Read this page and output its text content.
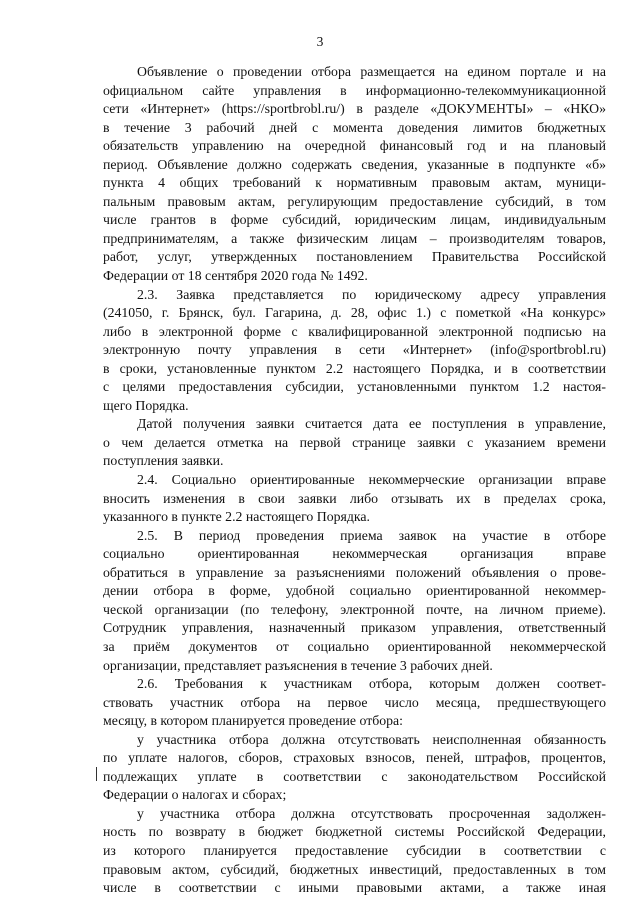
3
Объявление о проведении отбора размещается на едином портале и на
официальном сайте управления в информационно-телекоммуникационной
сети «Интернет» (https://sportbrobl.ru/) в разделе «ДОКУМЕНТЫ» – «НКО»
в течение 3 рабочий дней с момента доведения лимитов бюджетных
обязательств управлению на очередной финансовый год и на плановый
период. Объявление должно содержать сведения, указанные в подпункте «б»
пункта 4 общих требований к нормативным правовым актам, муници-
пальным правовым актам, регулирующим предоставление субсидий, в том
числе грантов в форме субсидий, юридическим лицам, индивидуальным
предпринимателям, а также физическим лицам – производителям товаров,
работ, услуг, утвержденных постановлением Правительства Российской
Федерации от 18 сентября 2020 года № 1492.
2.3. Заявка представляется по юридическому адресу управления
(241050, г. Брянск, бул. Гагарина, д. 28, офис 1.) с пометкой «На конкурс»
либо в электронной форме с квалифицированной электронной подписью на
электронную почту управления в сети «Интернет» (info@sportbrobl.ru)
в сроки, установленные пунктом 2.2 настоящего Порядка, и в соответствии
с целями предоставления субсидии, установленными пунктом 1.2 настоя-
щего Порядка.
Датой получения заявки считается дата ее поступления в управление,
о чем делается отметка на первой странице заявки с указанием времени
поступления заявки.
2.4. Социально ориентированные некоммерческие организации вправе
вносить изменения в свои заявки либо отзывать их в пределах срока,
указанного в пункте 2.2 настоящего Порядка.
2.5. В период проведения приема заявок на участие в отборе
социально ориентированная некоммерческая организация вправе
обратиться в управление за разъяснениями положений объявления о прове-
дении отбора в форме, удобной социально ориентированной некоммер-
ческой организации (по телефону, электронной почте, на личном приеме).
Сотрудник управления, назначенный приказом управления, ответственный
за приём документов от социально ориентированной некоммерческой
организации, представляет разъяснения в течение 3 рабочих дней.
2.6. Требования к участникам отбора, которым должен соответ-
ствовать участник отбора на первое число месяца, предшествующего
месяцу, в котором планируется проведение отбора:
у участника отбора должна отсутствовать неисполненная обязанность
по уплате налогов, сборов, страховых взносов, пеней, штрафов, процентов,
подлежащих уплате в соответствии с законодательством Российской
Федерации о налогах и сборах;
у участника отбора должна отсутствовать просроченная задолжен-
ность по возврату в бюджет бюджетной системы Российской Федерации,
из которого планируется предоставление субсидии в соответствии с
правовым актом, субсидий, бюджетных инвестиций, предоставленных в том
числе в соответствии с иными правовыми актами, а также иная
